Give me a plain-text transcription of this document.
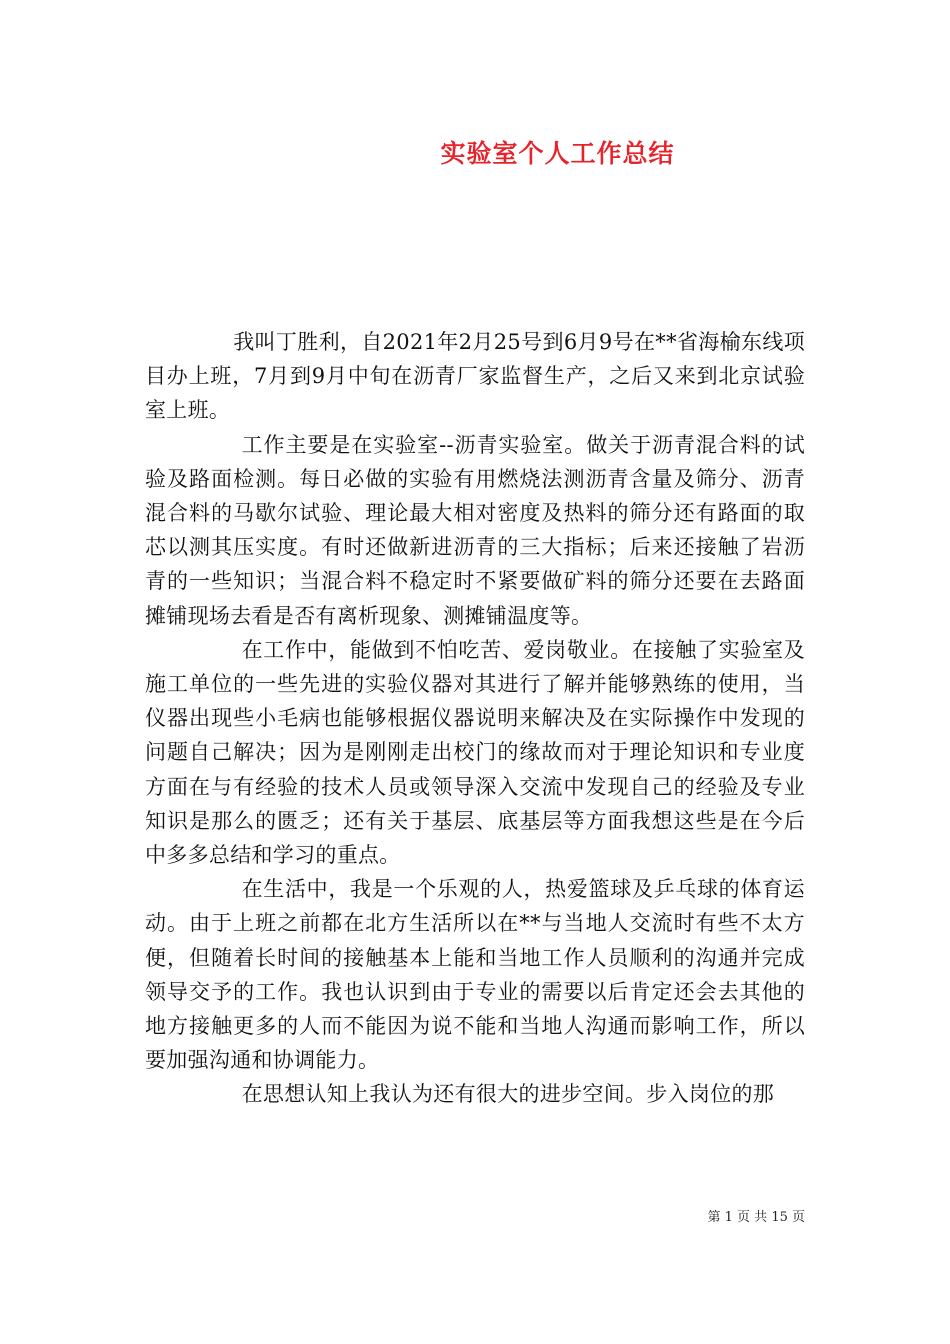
实验室个人工作总结

我叫丁胜利，自2021年2月25号到6月9号在**省海榆东线项目办上班，7月到9月中旬在沥青厂家监督生产，之后又来到北京试验室上班。

工作主要是在实验室--沥青实验室。做关于沥青混合料的试验及路面检测。每日必做的实验有用燃烧法测沥青含量及筛分、沥青混合料的马歇尔试验、理论最大相对密度及热料的筛分还有路面的取芯以测其压实度。有时还做新进沥青的三大指标；后来还接触了岩沥青的一些知识；当混合料不稳定时不紧要做矿料的筛分还要在去路面摊铺现场去看是否有离析现象、测摊铺温度等。

在工作中，能做到不怕吃苦、爱岗敬业。在接触了实验室及施工单位的一些先进的实验仪器对其进行了解并能够熟练的使用，当仪器出现些小毛病也能够根据仪器说明来解决及在实际操作中发现的问题自己解决；因为是刚刚走出校门的缘故而对于理论知识和专业度方面在与有经验的技术人员或领导深入交流中发现自己的经验及专业知识是那么的匮乏；还有关于基层、底基层等方面我想这些是在今后中多多总结和学习的重点。

在生活中，我是一个乐观的人，热爱篮球及乒乓球的体育运动。由于上班之前都在北方生活所以在**与当地人交流时有些不太方便，但随着长时间的接触基本上能和当地工作人员顺利的沟通并完成领导交予的工作。我也认识到由于专业的需要以后肯定还会去其他的地方接触更多的人而不能因为说不能和当地人沟通而影响工作，所以要加强沟通和协调能力。

在思想认知上我认为还有很大的进步空间。步入岗位的那

第 1 页 共 15 页
